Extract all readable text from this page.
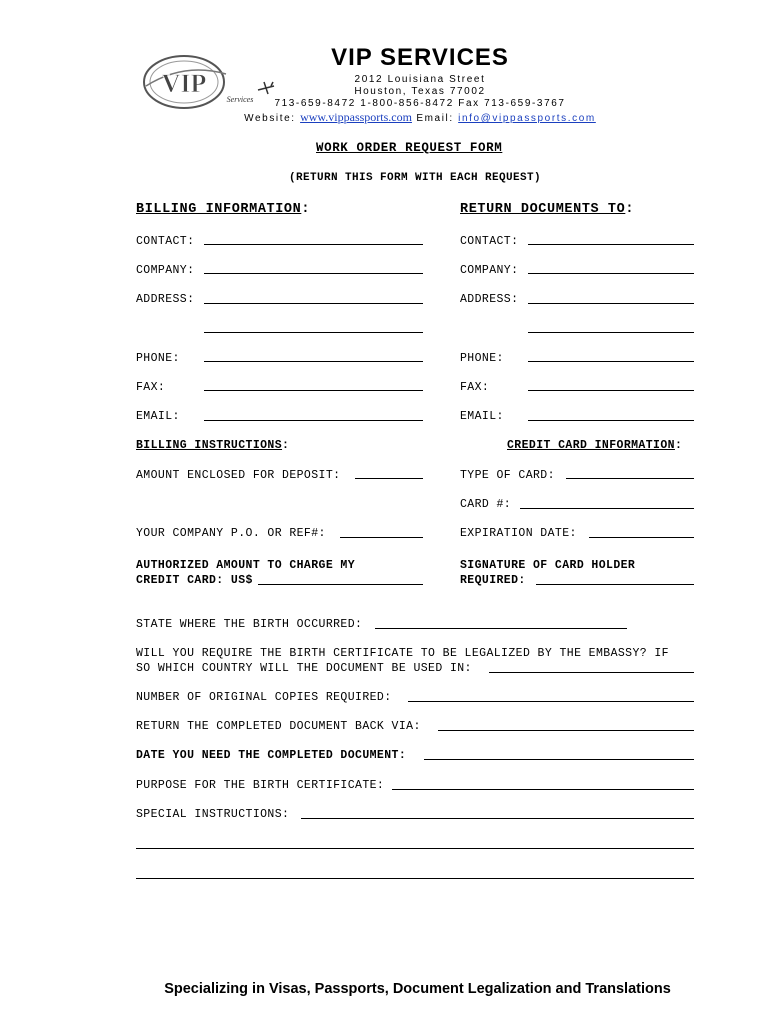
VIP
Services
VIP SERVICES
2012 Louisiana Street
Houston, Texas 77002
713-659-8472 1-800-856-8472 Fax 713-659-3767
Website: www.vippassports.com Email: info@vippassports.com
WORK ORDER REQUEST FORM
(RETURN THIS FORM WITH EACH REQUEST)
BILLING INFORMATION:	RETURN DOCUMENTS TO:
CONTACT:
COMPANY:
ADDRESS:
PHONE:
FAX:
EMAIL:
CONTACT:
COMPANY:
ADDRESS:
PHONE:
FAX:
EMAIL:
BILLING INSTRUCTIONS:	CREDIT CARD INFORMATION:
AMOUNT ENCLOSED FOR DEPOSIT:
YOUR COMPANY P.O. OR REF#:
AUTHORIZED AMOUNT TO CHARGE MY
CREDIT CARD: US$
TYPE OF CARD:
CARD #:
EXPIRATION DATE:
SIGNATURE OF CARD HOLDER
REQUIRED:
STATE WHERE THE BIRTH OCCURRED:
WILL YOU REQUIRE THE BIRTH CERTIFICATE TO BE LEGALIZED BY THE EMBASSY? IF
SO WHICH COUNTRY WILL THE DOCUMENT BE USED IN:
NUMBER OF ORIGINAL COPIES REQUIRED:
RETURN THE COMPLETED DOCUMENT BACK VIA:
DATE YOU NEED THE COMPLETED DOCUMENT:
PURPOSE FOR THE BIRTH CERTIFICATE:
SPECIAL INSTRUCTIONS:
Specializing in Visas, Passports, Document Legalization and Translations
